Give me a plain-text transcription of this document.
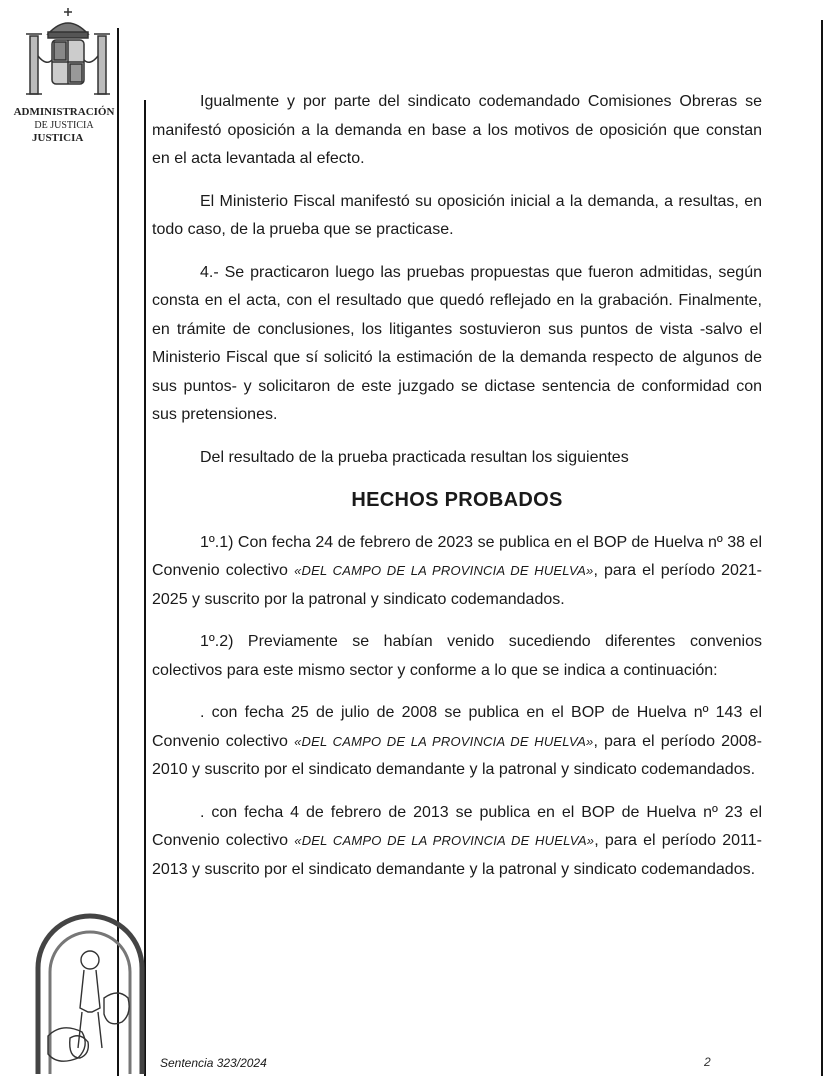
ADMINISTRACIÓN
DE JUSTICIA
JUSTICIA

Igualmente y por parte del sindicato codemandado Comisiones Obreras se manifestó oposición a la demanda en base a los motivos de oposición que constan en el acta levantada al efecto.

El Ministerio Fiscal manifestó su oposición inicial a la demanda, a resultas, en todo caso, de la prueba que se practicase.

4.- Se practicaron luego las pruebas propuestas que fueron admitidas, según consta en el acta, con el resultado que quedó reflejado en la grabación. Finalmente, en trámite de conclusiones, los litigantes sostuvieron sus puntos de vista -salvo el Ministerio Fiscal que sí solicitó la estimación de la demanda respecto de algunos de sus puntos- y solicitaron de este juzgado se dictase sentencia de conformidad con sus pretensiones.

Del resultado de la prueba practicada resultan los siguientes

HECHOS PROBADOS

1º.1) Con fecha 24 de febrero de 2023 se publica en el BOP de Huelva nº 38 el Convenio colectivo «DEL CAMPO DE LA PROVINCIA DE HUELVA», para el período 2021-2025 y suscrito por la patronal y sindicato codemandados.

1º.2) Previamente se habían venido sucediendo diferentes convenios colectivos para este mismo sector y conforme a lo que se indica a continuación:

. con fecha 25 de julio de 2008 se publica en el BOP de Huelva nº 143 el Convenio colectivo «DEL CAMPO DE LA PROVINCIA DE HUELVA», para el período 2008-2010 y suscrito por el sindicato demandante y la patronal y sindicato codemandados.

. con fecha 4 de febrero de 2013 se publica en el BOP de Huelva nº 23 el Convenio colectivo «DEL CAMPO DE LA PROVINCIA DE HUELVA», para el período 2011-2013 y suscrito por el sindicato demandante y la patronal y sindicato codemandados.

Sentencia 323/2024	2
